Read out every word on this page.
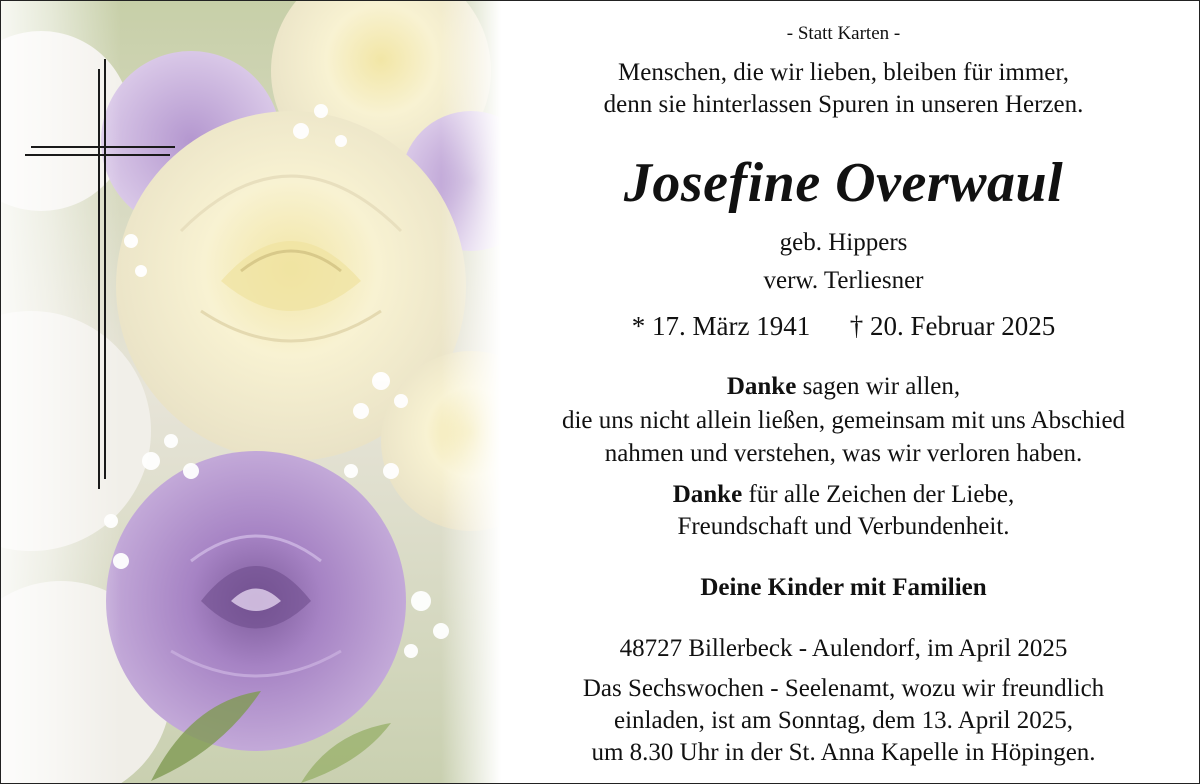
- Statt Karten -
Menschen, die wir lieben, bleiben für immer,
denn sie hinterlassen Spuren in unseren Herzen.
Josefine Overwaul
geb. Hippers
verw. Terliesner
* 17. März 1941 † 20. Februar 2025
Danke sagen wir allen,
die uns nicht allein ließen, gemeinsam mit uns Abschied
nahmen und verstehen, was wir verloren haben.
Danke für alle Zeichen der Liebe,
Freundschaft und Verbundenheit.
Deine Kinder mit Familien
48727 Billerbeck - Aulendorf, im April 2025
Das Sechswochen - Seelenamt, wozu wir freundlich
einladen, ist am Sonntag, dem 13. April 2025,
um 8.30 Uhr in der St. Anna Kapelle in Höpingen.
